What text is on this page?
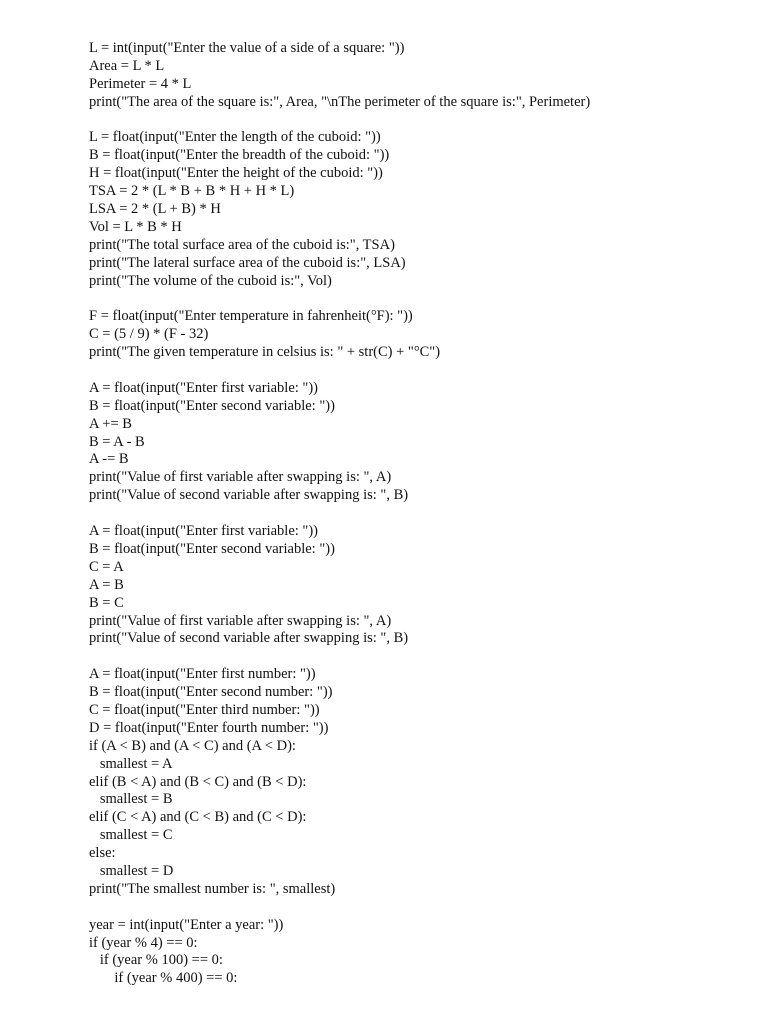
L = int(input("Enter the value of a side of a square: "))
Area = L * L
Perimeter = 4 * L
print("The area of the square is:", Area, "\nThe perimeter of the square is:", Perimeter)
L = float(input("Enter the length of the cuboid: "))
B = float(input("Enter the breadth of the cuboid: "))
H = float(input("Enter the height of the cuboid: "))
TSA = 2 * (L * B + B * H + H * L)
LSA = 2 * (L + B) * H
Vol = L * B * H
print("The total surface area of the cuboid is:", TSA)
print("The lateral surface area of the cuboid is:", LSA)
print("The volume of the cuboid is:", Vol)
F = float(input("Enter temperature in fahrenheit(°F): "))
C = (5 / 9) * (F - 32)
print("The given temperature in celsius is: " + str(C) + "°C")
A = float(input("Enter first variable: "))
B = float(input("Enter second variable: "))
A += B
B = A - B
A -= B
print("Value of first variable after swapping is: ", A)
print("Value of second variable after swapping is: ", B)
A = float(input("Enter first variable: "))
B = float(input("Enter second variable: "))
C = A
A = B
B = C
print("Value of first variable after swapping is: ", A)
print("Value of second variable after swapping is: ", B)
A = float(input("Enter first number: "))
B = float(input("Enter second number: "))
C = float(input("Enter third number: "))
D = float(input("Enter fourth number: "))
if (A < B) and (A < C) and (A < D):
smallest = A
elif (B < A) and (B < C) and (B < D):
smallest = B
elif (C < A) and (C < B) and (C < D):
smallest = C
else:
smallest = D
print("The smallest number is: ", smallest)
year = int(input("Enter a year: "))
if (year % 4) == 0:
if (year % 100) == 0:
if (year % 400) == 0:
